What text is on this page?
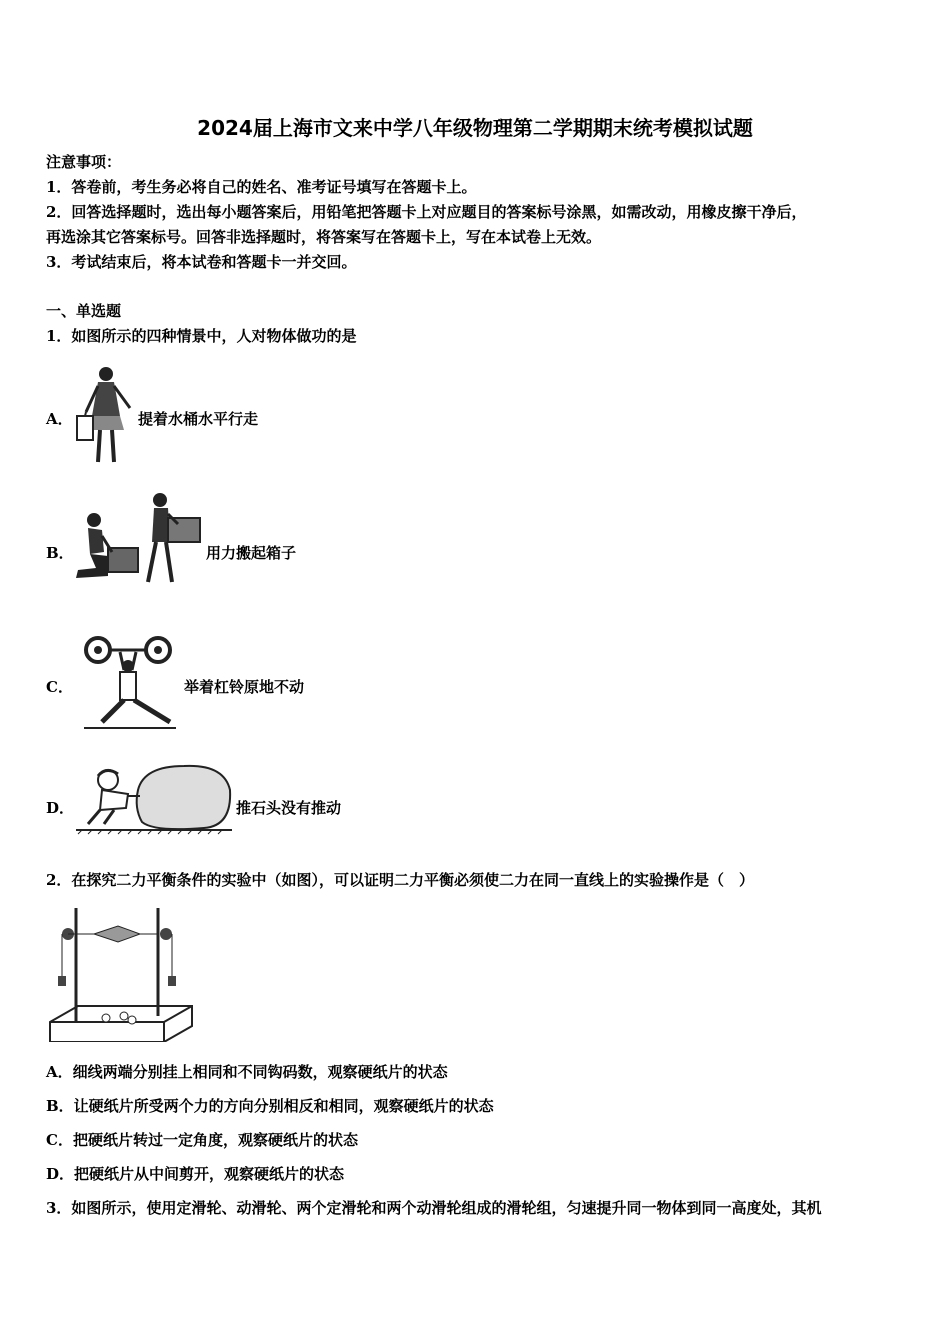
2024届上海市文来中学八年级物理第二学期期末统考模拟试题
注意事项：
1．答卷前，考生务必将自己的姓名、准考证号填写在答题卡上。
2．回答选择题时，选出每小题答案后，用铅笔把答题卡上对应题目的答案标号涂黑，如需改动，用橡皮擦干净后，
再选涂其它答案标号。回答非选择题时，将答案写在答题卡上，写在本试卷上无效。
3．考试结束后，将本试卷和答题卡一并交回。
一、单选题
1．如图所示的四种情景中，人对物体做功的是
A．	提着水桶水平行走
B．	用力搬起箱子
C．	举着杠铃原地不动
D．	推石头没有推动
2．在探究二力平衡条件的实验中（如图），可以证明二力平衡必须使二力在同一直线上的实验操作是（　）
A．细线两端分别挂上相同和不同钩码数，观察硬纸片的状态
B．让硬纸片所受两个力的方向分别相反和相同，观察硬纸片的状态
C．把硬纸片转过一定角度，观察硬纸片的状态
D．把硬纸片从中间剪开，观察硬纸片的状态
3．如图所示，使用定滑轮、动滑轮、两个定滑轮和两个动滑轮组成的滑轮组，匀速提升同一物体到同一高度处，其机
